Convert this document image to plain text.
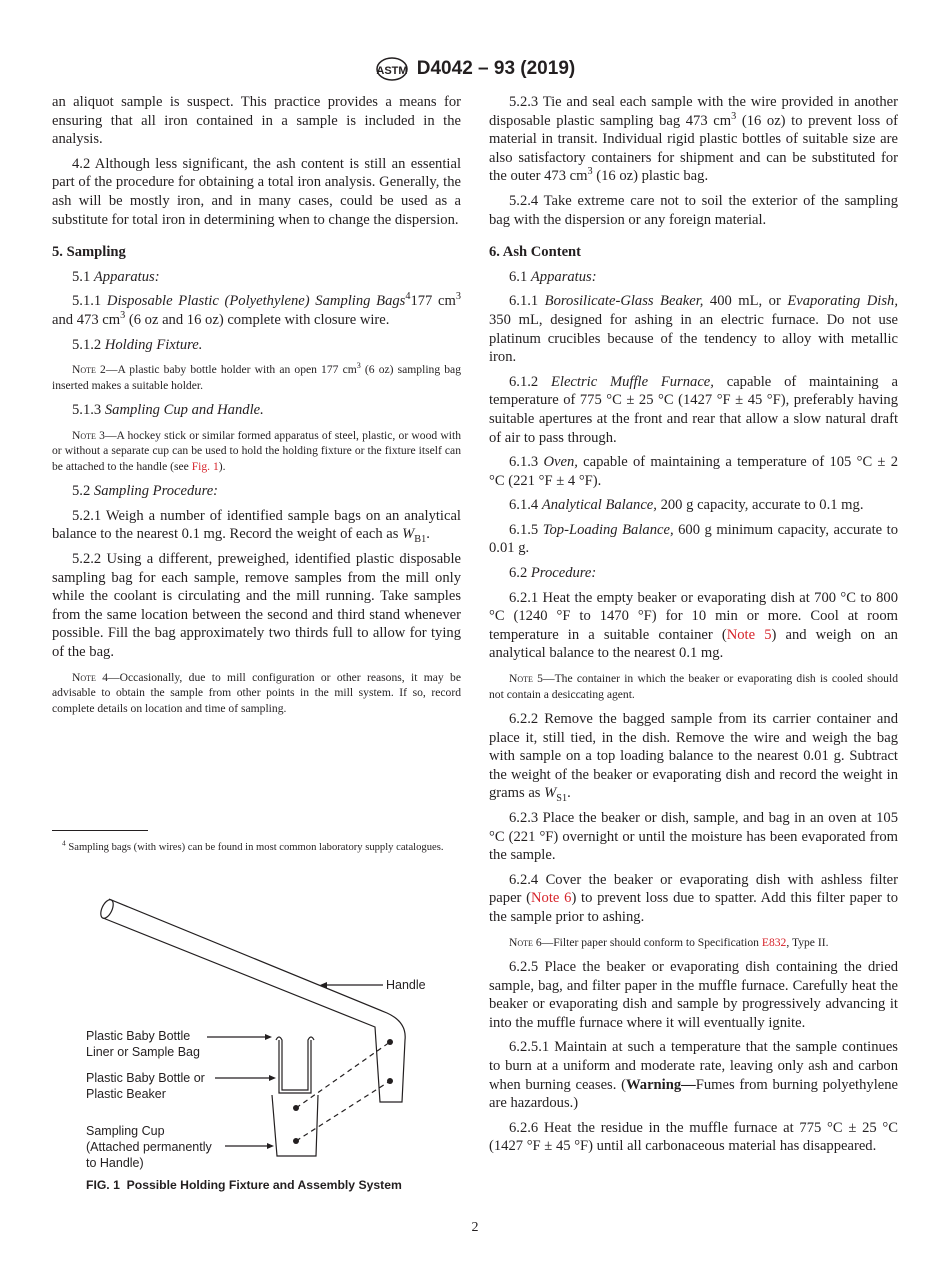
ASTM D4042 – 93 (2019)

an aliquot sample is suspect. This practice provides a means for ensuring that all iron contained in a sample is included in the analysis.

4.2 Although less significant, the ash content is still an essential part of the procedure for obtaining a total iron analysis. Generally, the ash will be mostly iron, and in many cases, could be used as a substitute for total iron in determining when to change the dispersion.

5. Sampling

5.1 Apparatus:

5.1.1 Disposable Plastic (Polyethylene) Sampling Bags$^4$177 $cm^3$ and 473 $cm^3$ (6 oz and 16 oz) complete with closure wire.

5.1.2 Holding Fixture.

Note 2—A plastic baby bottle holder with an open 177 $cm^3$ (6 oz) sampling bag inserted makes a suitable holder.

5.1.3 Sampling Cup and Handle.

Note 3—A hockey stick or similar formed apparatus of steel, plastic, or wood with or without a separate cup can be used to hold the holding fixture or the fixture itself can be attached to the handle (see Fig. 1).

5.2 Sampling Procedure:

5.2.1 Weigh a number of identified sample bags on an analytical balance to the nearest 0.1 mg. Record the weight of each as $W_{B1}$.

5.2.2 Using a different, preweighed, identified plastic disposable sampling bag for each sample, remove samples from the mill only while the coolant is circulating and the mill running. Take samples from the same location between the second and third stand whenever possible. Fill the bag approximately two thirds full to allow for tying of the bag.

Note 4—Occasionally, due to mill configuration or other reasons, it may be advisable to obtain the sample from other points in the mill system. If so, record complete details on location and time of sampling.

5.2.3 Tie and seal each sample with the wire provided in another disposable plastic sampling bag 473 $cm^3$ (16 oz) to prevent loss of material in transit. Individual rigid plastic bottles of suitable size are also satisfactory containers for shipment and can be substituted for the outer 473 $cm^3$ (16 oz) plastic bag.

5.2.4 Take extreme care not to soil the exterior of the sampling bag with the dispersion or any foreign material.

6. Ash Content

6.1 Apparatus:

6.1.1 Borosilicate-Glass Beaker, 400 mL, or Evaporating Dish, 350 mL, designed for ashing in an electric furnace. Do not use platinum crucibles because of the tendency to alloy with metallic iron.

6.1.2 Electric Muffle Furnace, capable of maintaining a temperature of 775 °C ± 25 °C (1427 °F ± 45 °F), preferably having suitable apertures at the front and rear that allow a slow natural draft of air to pass through.

6.1.3 Oven, capable of maintaining a temperature of 105 °C ± 2 °C (221 °F ± 4 °F).

6.1.4 Analytical Balance, 200 g capacity, accurate to 0.1 mg.

6.1.5 Top-Loading Balance, 600 g minimum capacity, accurate to 0.01 g.

6.2 Procedure:

6.2.1 Heat the empty beaker or evaporating dish at 700 °C to 800 °C (1240 °F to 1470 °F) for 10 min or more. Cool at room temperature in a suitable container (Note 5) and weigh on an analytical balance to the nearest 0.1 mg.

Note 5—The container in which the beaker or evaporating dish is cooled should not contain a desiccating agent.

6.2.2 Remove the bagged sample from its carrier container and place it, still tied, in the dish. Remove the wire and weigh the bag with sample on a top loading balance to the nearest 0.01 g. Subtract the weight of the beaker or evaporating dish and record the weight in grams as $W_{S1}$.

6.2.3 Place the beaker or dish, sample, and bag in an oven at 105 °C (221 °F) overnight or until the moisture has been evaporated from the sample.

6.2.4 Cover the beaker or evaporating dish with ashless filter paper (Note 6) to prevent loss due to spatter. Add this filter paper to the sample prior to ashing.

Note 6—Filter paper should conform to Specification E832, Type II.

6.2.5 Place the beaker or evaporating dish containing the dried sample, bag, and filter paper in the muffle furnace. Carefully heat the beaker or evaporating dish and sample by progressively advancing it into the muffle furnace where it will eventually ignite.

6.2.5.1 Maintain at such a temperature that the sample continues to burn at a uniform and moderate rate, leaving only ash and carbon when burning ceases. (Warning—Fumes from burning polyethylene are hazardous.)

6.2.6 Heat the residue in the muffle furnace at 775 °C ± 25 °C (1427 °F ± 45 °F) until all carbonaceous material has disappeared.

$^4$ Sampling bags (with wires) can be found in most common laboratory supply catalogues.
Handle
Plastic Baby Bottle
Liner or Sample Bag
Plastic Baby Bottle or
Plastic Beaker
Sampling Cup
(Attached permanently
to Handle)
FIG. 1  Possible Holding Fixture and Assembly System
2
